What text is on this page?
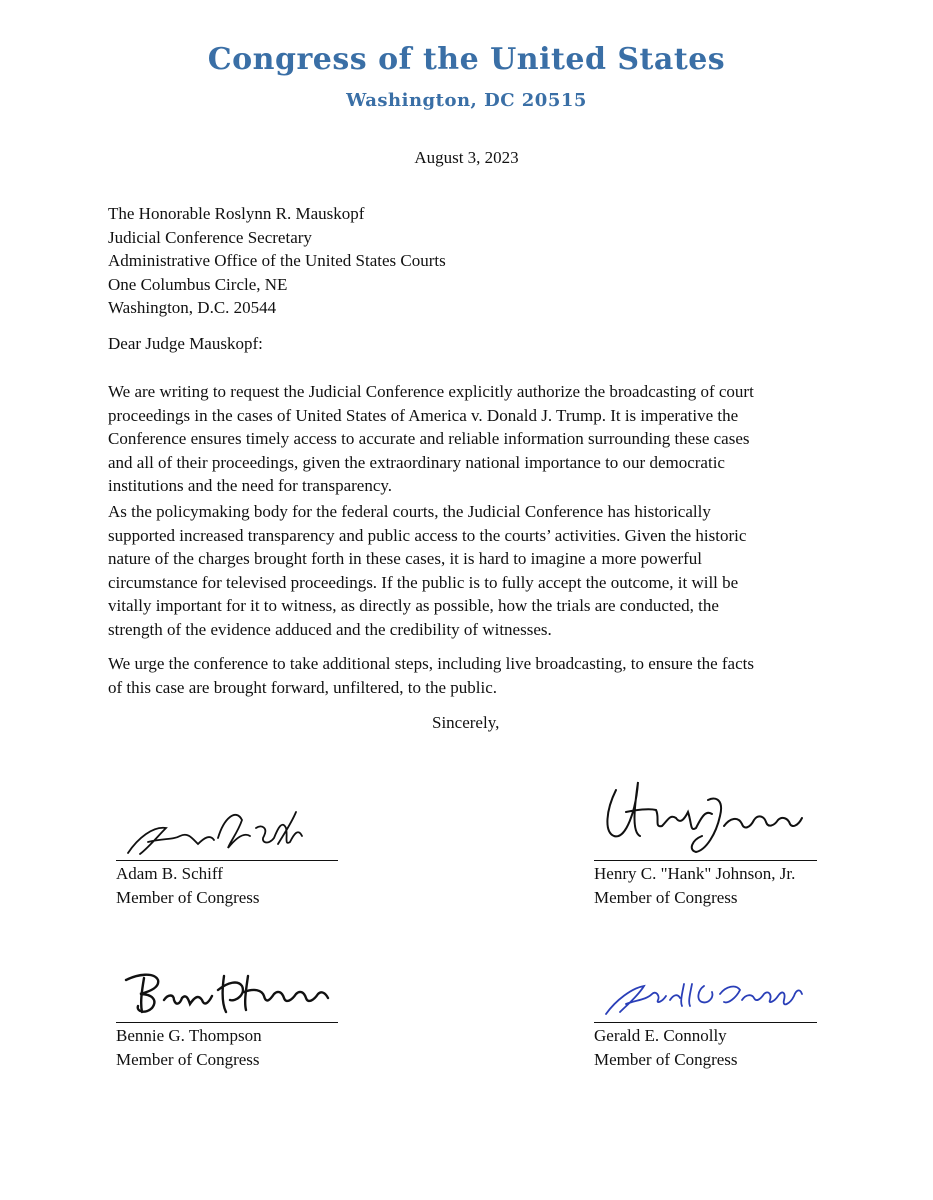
Congress of the United States
Washington, DC 20515
August 3, 2023
The Honorable Roslynn R. Mauskopf
Judicial Conference Secretary
Administrative Office of the United States Courts
One Columbus Circle, NE
Washington, D.C. 20544
Dear Judge Mauskopf:
We are writing to request the Judicial Conference explicitly authorize the broadcasting of court
proceedings in the cases of United States of America v. Donald J. Trump. It is imperative the
Conference ensures timely access to accurate and reliable information surrounding these cases
and all of their proceedings, given the extraordinary national importance to our democratic
institutions and the need for transparency.
As the policymaking body for the federal courts, the Judicial Conference has historically
supported increased transparency and public access to the courts’ activities. Given the historic
nature of the charges brought forth in these cases, it is hard to imagine a more powerful
circumstance for televised proceedings. If the public is to fully accept the outcome, it will be
vitally important for it to witness, as directly as possible, how the trials are conducted, the
strength of the evidence adduced and the credibility of witnesses.
We urge the conference to take additional steps, including live broadcasting, to ensure the facts
of this case are brought forward, unfiltered, to the public.
Sincerely,
Adam B. Schiff
Member of Congress
Henry C. "Hank" Johnson, Jr.
Member of Congress
Bennie G. Thompson
Member of Congress
Gerald E. Connolly
Member of Congress
